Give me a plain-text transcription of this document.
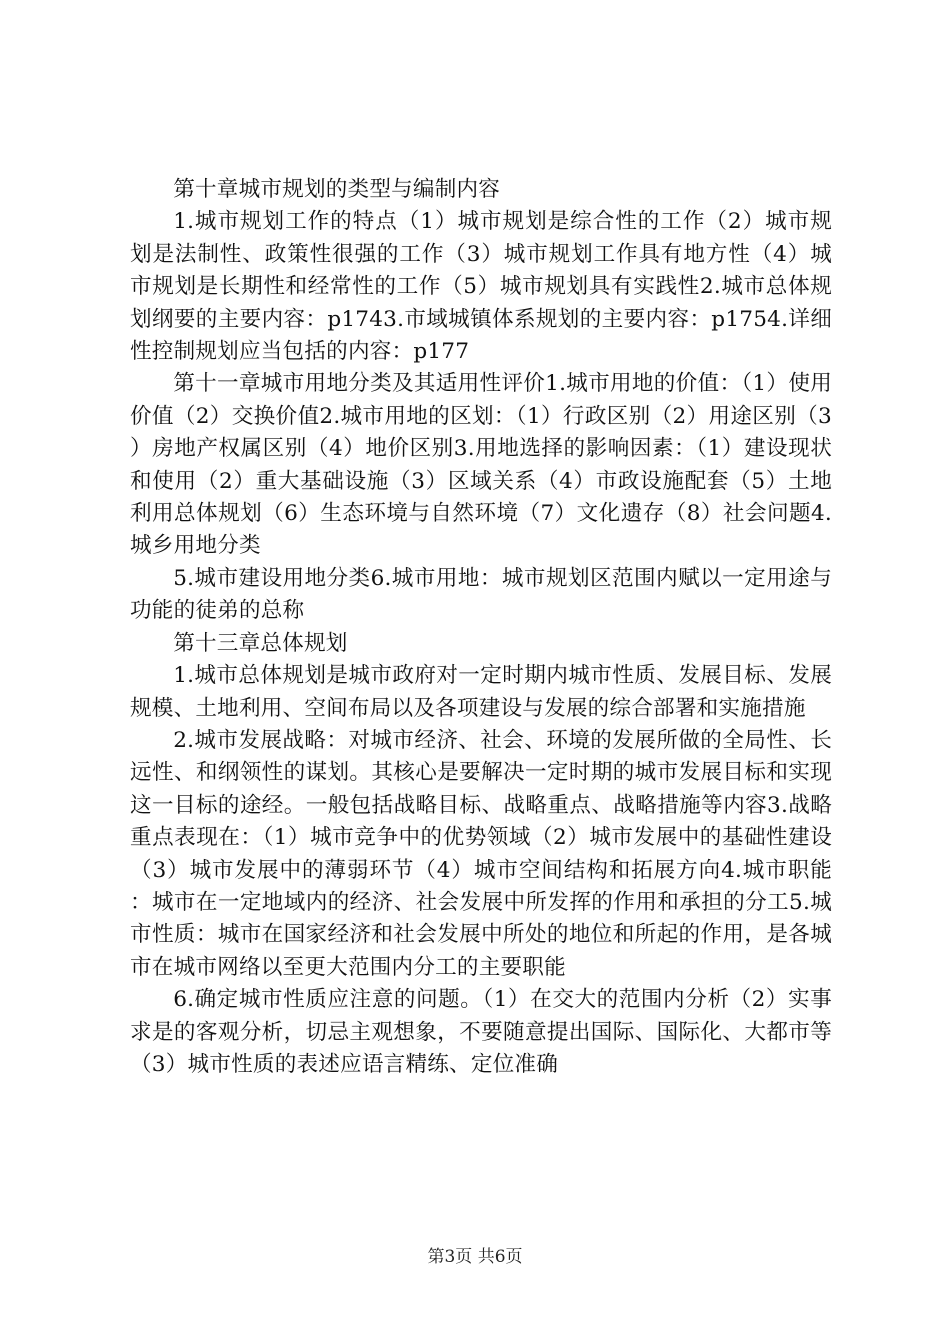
第十章城市规划的类型与编制内容

1.城市规划工作的特点（1）城市规划是综合性的工作（2）城市规划是法制性、政策性很强的工作（3）城市规划工作具有地方性（4）城市规划是长期性和经常性的工作（5）城市规划具有实践性2.城市总体规划纲要的主要内容：p1743.市域城镇体系规划的主要内容：p1754.详细性控制规划应当包括的内容：p177

第十一章城市用地分类及其适用性评价1.城市用地的价值：（1）使用价值（2）交换价值2.城市用地的区划：（1）行政区别（2）用途区别（3）房地产权属区别（4）地价区别3.用地选择的影响因素：（1）建设现状和使用（2）重大基础设施（3）区域关系（4）市政设施配套（5）土地利用总体规划（6）生态环境与自然环境（7）文化遗存（8）社会问题4.城乡用地分类

5.城市建设用地分类6.城市用地：城市规划区范围内赋以一定用途与功能的徒弟的总称

第十三章总体规划

1.城市总体规划是城市政府对一定时期内城市性质、发展目标、发展规模、土地利用、空间布局以及各项建设与发展的综合部署和实施措施

2.城市发展战略：对城市经济、社会、环境的发展所做的全局性、长远性、和纲领性的谋划。其核心是要解决一定时期的城市发展目标和实现这一目标的途经。一般包括战略目标、战略重点、战略措施等内容3.战略重点表现在：（1）城市竞争中的优势领域（2）城市发展中的基础性建设（3）城市发展中的薄弱环节（4）城市空间结构和拓展方向4.城市职能：城市在一定地域内的经济、社会发展中所发挥的作用和承担的分工5.城市性质：城市在国家经济和社会发展中所处的地位和所起的作用，是各城市在城市网络以至更大范围内分工的主要职能

6.确定城市性质应注意的问题。（1）在交大的范围内分析（2）实事求是的客观分析，切忌主观想象，不要随意提出国际、国际化、大都市等（3）城市性质的表述应语言精练、定位准确

第3页 共6页
